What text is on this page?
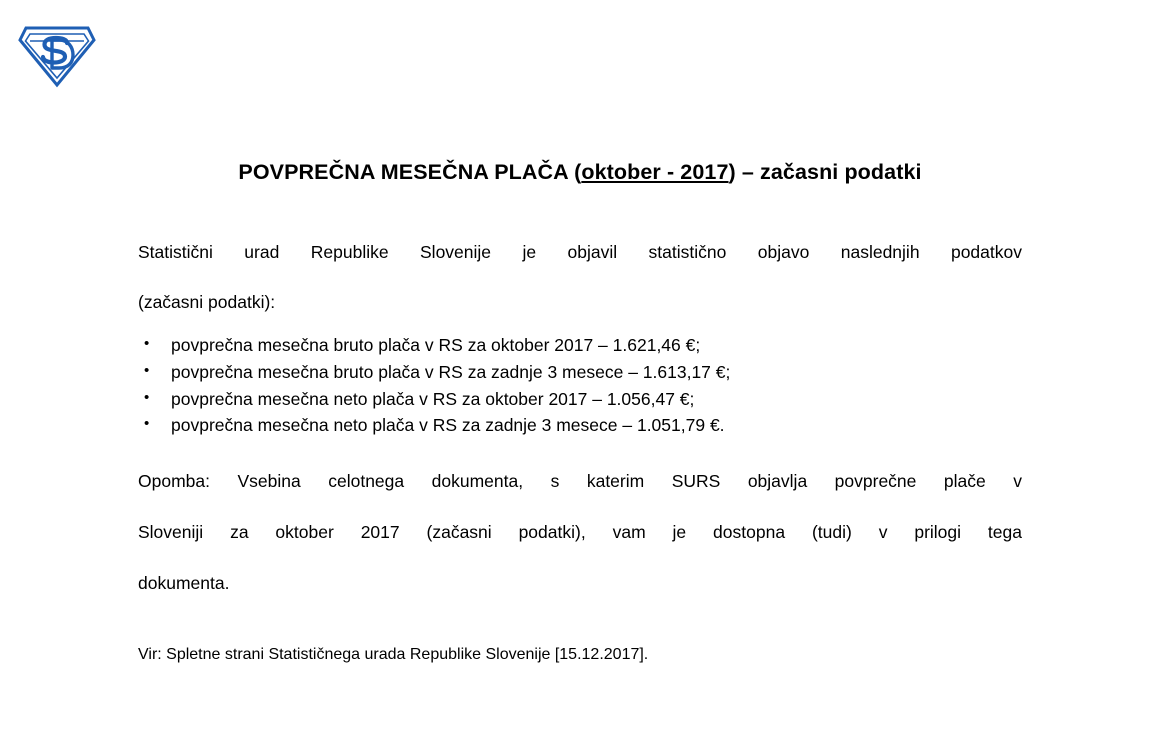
POVPREČNA MESEČNA PLAČA (oktober - 2017) – začasni podatki

Statistični urad Republike Slovenije je objavil statistično objavo naslednjih podatkov
(začasni podatki):

• povprečna mesečna bruto plača v RS za oktober 2017 – 1.621,46 €;
• povprečna mesečna bruto plača v RS za zadnje 3 mesece – 1.613,17 €;
• povprečna mesečna neto plača v RS za oktober 2017 – 1.056,47 €;
• povprečna mesečna neto plača v RS za zadnje 3 mesece – 1.051,79 €.

Opomba: Vsebina celotnega dokumenta, s katerim SURS objavlja povprečne plače v
Sloveniji za oktober 2017 (začasni podatki), vam je dostopna (tudi) v prilogi tega
dokumenta.

Vir: Spletne strani Statističnega urada Republike Slovenije [15.12.2017].
